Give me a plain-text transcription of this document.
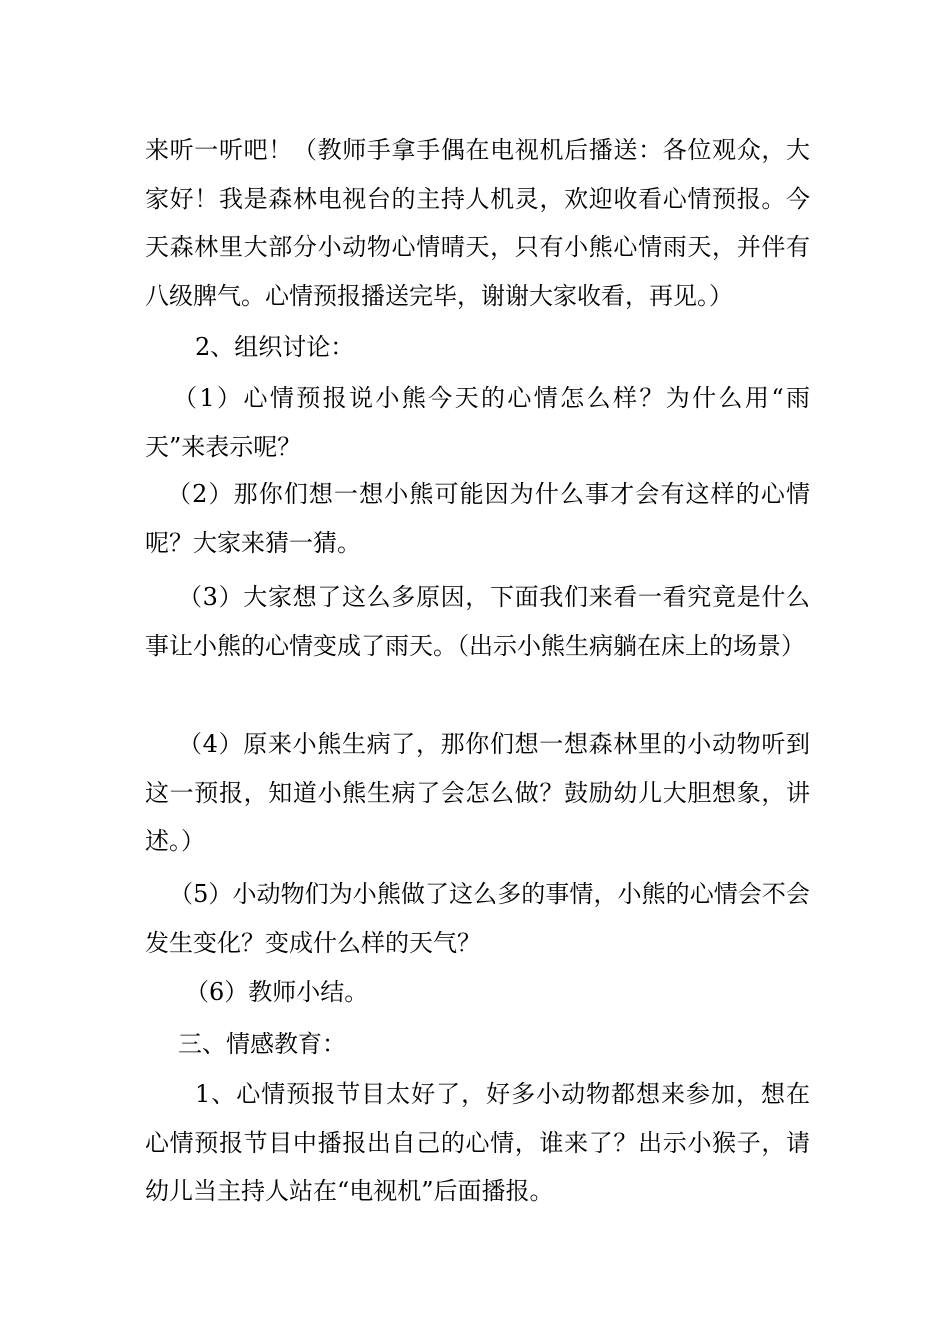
来听一听吧！（教师手拿手偶在电视机后播送：各位观众，大家好！我是森林电视台的主持人机灵，欢迎收看心情预报。今天森林里大部分小动物心情晴天，只有小熊心情雨天，并伴有八级脾气。心情预报播送完毕，谢谢大家收看，再见。）

2、组织讨论：

（1）心情预报说小熊今天的心情怎么样？为什么用“雨天”来表示呢？

（2）那你们想一想小熊可能因为什么事才会有这样的心情呢？大家来猜一猜。

（3）大家想了这么多原因，下面我们来看一看究竟是什么事让小熊的心情变成了雨天。（出示小熊生病躺在床上的场景）

（4）原来小熊生病了，那你们想一想森林里的小动物听到这一预报，知道小熊生病了会怎么做？鼓励幼儿大胆想象，讲述。）

（5）小动物们为小熊做了这么多的事情，小熊的心情会不会发生变化？变成什么样的天气？

（6）教师小结。

三、情感教育：

1、心情预报节目太好了，好多小动物都想来参加，想在心情预报节目中播报出自己的心情，谁来了？出示小猴子，请幼儿当主持人站在“电视机”后面播报。
